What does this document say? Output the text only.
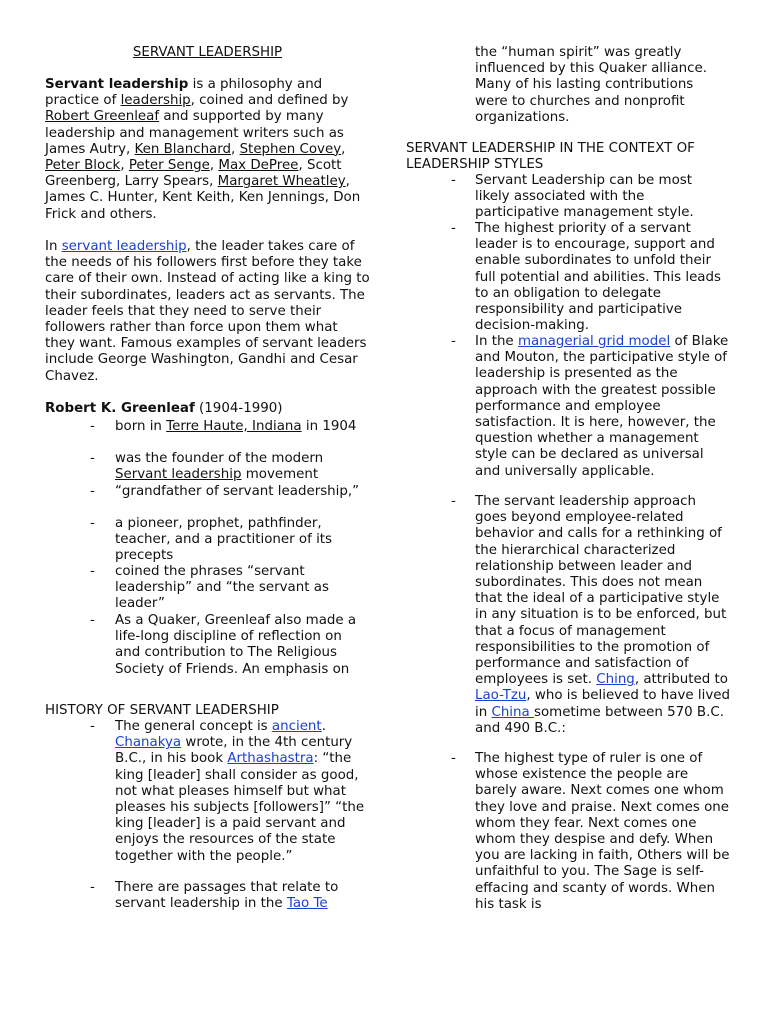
SERVANT LEADERSHIP

Servant leadership is a philosophy and practice of leadership, coined and defined by Robert Greenleaf and supported by many leadership and management writers such as James Autry, Ken Blanchard, Stephen Covey, Peter Block, Peter Senge, Max DePree, Scott Greenberg, Larry Spears, Margaret Wheatley, James C. Hunter, Kent Keith, Ken Jennings, Don Frick and others.

In servant leadership, the leader takes care of the needs of his followers first before they take care of their own. Instead of acting like a king to their subordinates, leaders act as servants. The leader feels that they need to serve their followers rather than force upon them what they want. Famous examples of servant leaders include George Washington, Gandhi and Cesar Chavez.

Robert K. Greenleaf (1904-1990)

- born in Terre Haute, Indiana in 1904
- was the founder of the modern Servant leadership movement
- “grandfather of servant leadership,”
- a pioneer, prophet, pathfinder, teacher, and a practitioner of its precepts
- coined the phrases “servant leadership” and “the servant as leader”
- As a Quaker, Greenleaf also made a life-long discipline of reflection on and contribution to The Religious Society of Friends. An emphasis on

HISTORY OF SERVANT LEADERSHIP

- The general concept is ancient. Chanakya wrote, in the 4th century B.C., in his book Arthashastra: “the king [leader] shall consider as good, not what pleases himself but what pleases his subjects [followers]” “the king [leader] is a paid servant and enjoys the resources of the state together with the people.”
- There are passages that relate to servant leadership in the Tao Te

the “human spirit” was greatly influenced by this Quaker alliance. Many of his lasting contributions were to churches and nonprofit organizations.

SERVANT LEADERSHIP IN THE CONTEXT OF LEADERSHIP STYLES

- Servant Leadership can be most likely associated with the participative management style.
- The highest priority of a servant leader is to encourage, support and enable subordinates to unfold their full potential and abilities. This leads to an obligation to delegate responsibility and participative decision-making.
- In the managerial grid model of Blake and Mouton, the participative style of leadership is presented as the approach with the greatest possible performance and employee satisfaction. It is here, however, the question whether a management style can be declared as universal and universally applicable.
- The servant leadership approach goes beyond employee-related behavior and calls for a rethinking of the hierarchical characterized relationship between leader and subordinates. This does not mean that the ideal of a participative style in any situation is to be enforced, but that a focus of management responsibilities to the promotion of performance and satisfaction of employees is set. Ching, attributed to Lao-Tzu, who is believed to have lived in China sometime between 570 B.C. and 490 B.C.:
- The highest type of ruler is one of whose existence the people are barely aware. Next comes one whom they love and praise. Next comes one whom they fear. Next comes one whom they despise and defy. When you are lacking in faith, Others will be unfaithful to you. The Sage is self-effacing and scanty of words. When his task is
